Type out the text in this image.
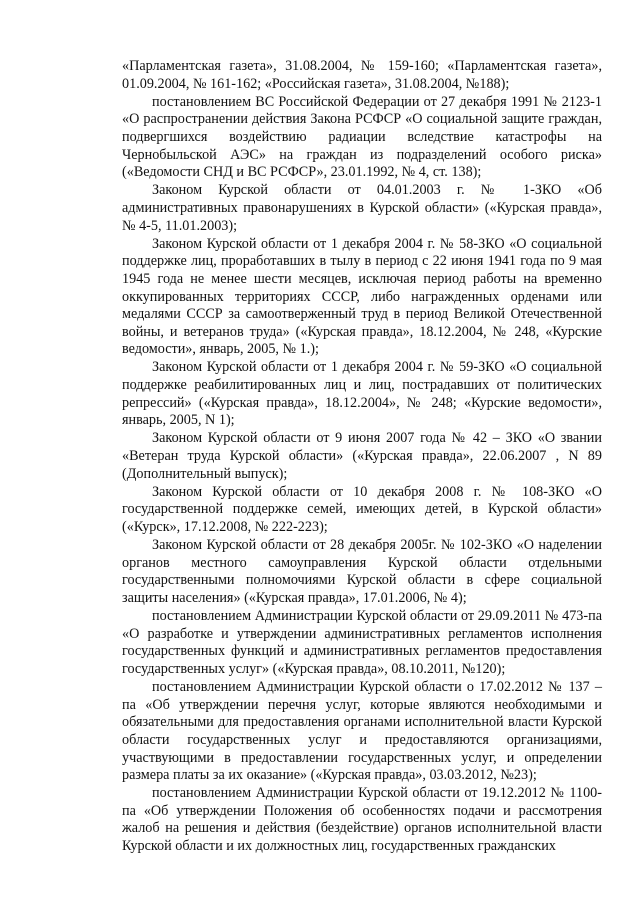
«Парламентская газета», 31.08.2004, № 159-160; «Парламентская газета», 01.09.2004, № 161-162; «Российская газета», 31.08.2004, №188);

постановлением ВС Российской Федерации от 27 декабря 1991 № 2123-1 «О распространении действия Закона РСФСР «О социальной защите граждан, подвергшихся воздействию радиации вследствие катастрофы на Чернобыльской АЭС» на граждан из подразделений особого риска» («Ведомости СНД и ВС РСФСР», 23.01.1992, № 4, ст. 138);

Законом Курской области от 04.01.2003 г. № 1-ЗКО «Об административных правонарушениях в Курской области» («Курская правда», № 4-5, 11.01.2003);

Законом Курской области от 1 декабря 2004 г. № 58-ЗКО «О социальной поддержке лиц, проработавших в тылу в период с 22 июня 1941 года по 9 мая 1945 года не менее шести месяцев, исключая период работы на временно оккупированных территориях СССР, либо награжденных орденами или медалями СССР за самоотверженный труд в период Великой Отечественной войны, и ветеранов труда» («Курская правда», 18.12.2004, № 248, «Курские ведомости», январь, 2005, № 1.);

Законом Курской области от 1 декабря 2004 г. № 59-ЗКО «О социальной поддержке реабилитированных лиц и лиц, пострадавших от политических репрессий» («Курская правда», 18.12.2004», № 248; «Курские ведомости», январь, 2005, N 1);

Законом Курской области от 9 июня 2007 года № 42 – ЗКО «О звании «Ветеран труда Курской области» («Курская правда», 22.06.2007 , N 89 (Дополнительный выпуск);

Законом Курской области от 10 декабря 2008 г. № 108-ЗКО «О государственной поддержке семей, имеющих детей, в Курской области» («Курск», 17.12.2008, № 222-223);

Законом Курской области от 28 декабря 2005г. № 102-ЗКО «О наделении органов местного самоуправления Курской области отдельными государственными полномочиями Курской области в сфере социальной защиты населения» («Курская правда», 17.01.2006, № 4);

постановлением Администрации Курской области от 29.09.2011 № 473-па «О разработке и утверждении административных регламентов исполнения государственных функций и административных регламентов предоставления государственных услуг» («Курская правда», 08.10.2011, №120);

постановлением Администрации Курской области о 17.02.2012 № 137 – па «Об утверждении перечня услуг, которые являются необходимыми и обязательными для предоставления органами исполнительной власти Курской области государственных услуг и предоставляются организациями, участвующими в предоставлении государственных услуг, и определении размера платы за их оказание» («Курская правда», 03.03.2012, №23);

постановлением Администрации Курской области от 19.12.2012 № 1100-па «Об утверждении Положения об особенностях подачи и рассмотрения жалоб на решения и действия (бездействие) органов исполнительной власти Курской области и их должностных лиц, государственных гражданских
